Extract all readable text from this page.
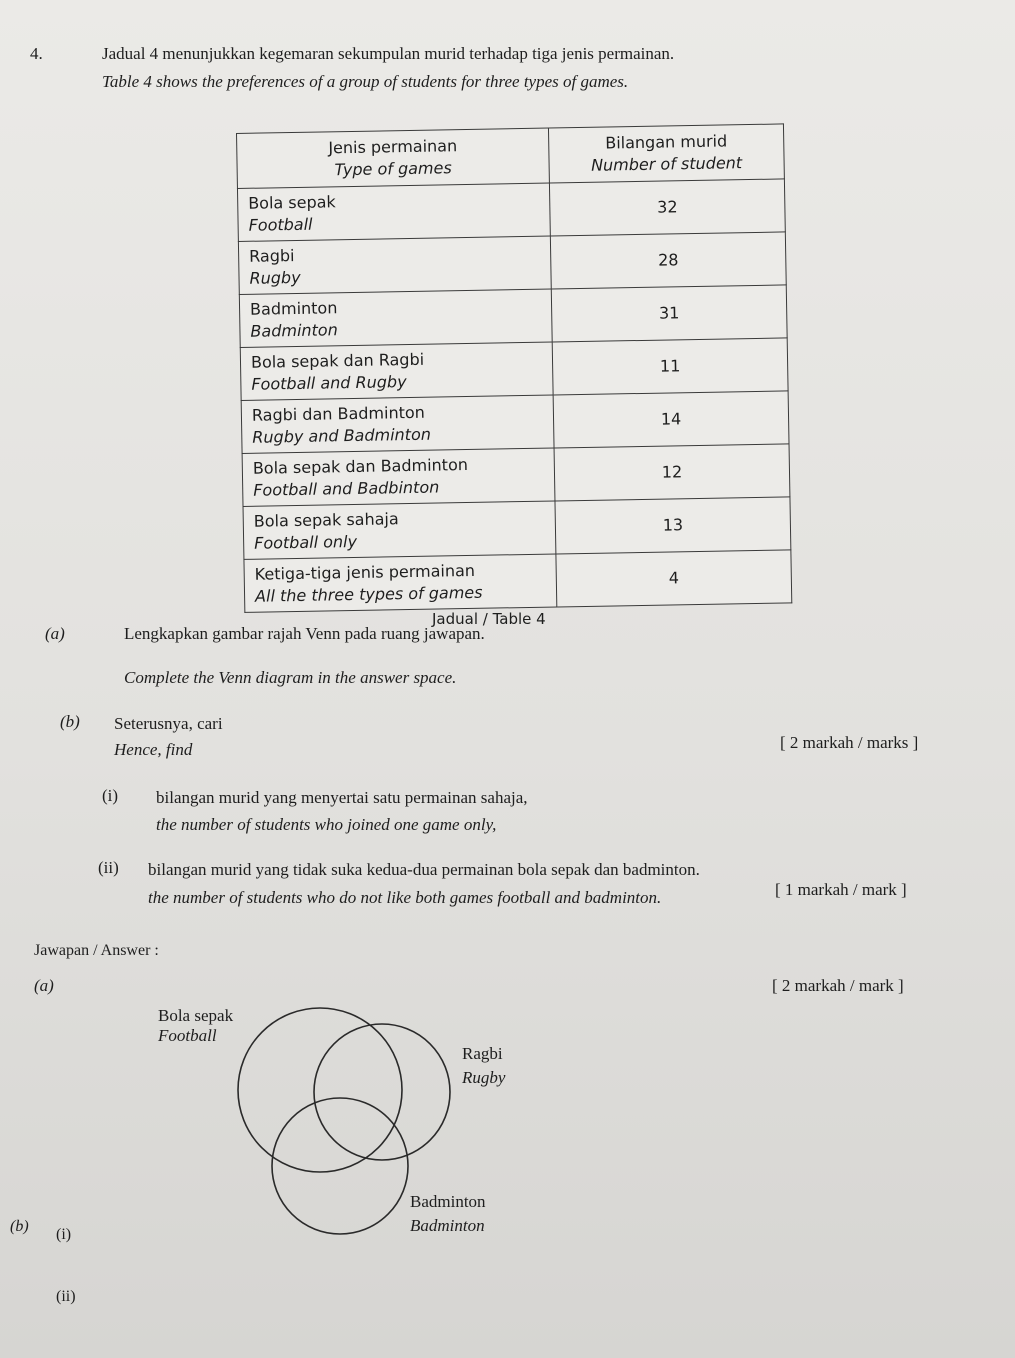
4.	Jadual 4 menunjukkan kegemaran sekumpulan murid terhadap tiga jenis permainan.
Table 4 shows the preferences of a group of students for three types of games.
Jenis permainan
Type of games	Bilangan murid
Number of student
Bola sepak
Football	32
Ragbi
Rugby	28
Badminton
Badminton	31
Bola sepak dan Ragbi
Football and Rugby	11
Ragbi dan Badminton
Rugby and Badminton	14
Bola sepak dan Badminton
Football and Badbinton	12
Bola sepak sahaja
Football only	13
Ketiga-tiga jenis permainan
All the three types of games	4
Jadual / Table 4
(a)	Lengkapkan gambar rajah Venn pada ruang jawapan.
Complete the Venn diagram in the answer space.
[ 2 markah / marks ]
(b) Seterusnya, cari
Hence, find
(i) bilangan murid yang menyertai satu permainan sahaja,
the number of students who joined one game only,
[ 1 markah / mark ]
(ii) bilangan murid yang tidak suka kedua-dua permainan bola sepak dan badminton.
the number of students who do not like both games football and badminton.
[ 2 markah / mark ]
Jawapan / Answer :
(a)
Bola sepak
Football
Ragbi
Rugby
Badminton
Badminton
(b) (i)
(ii)
